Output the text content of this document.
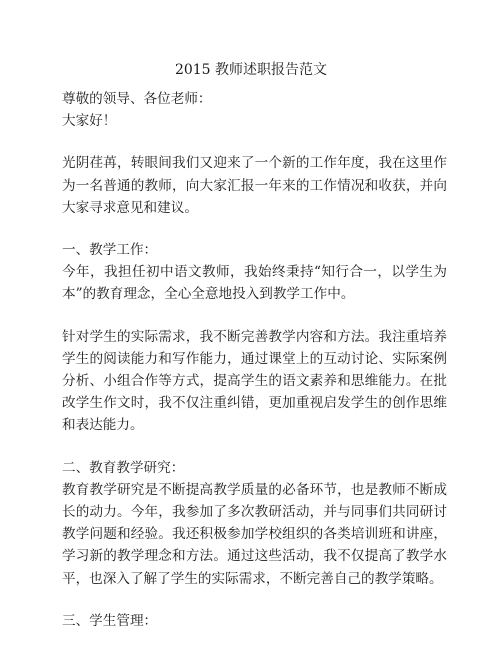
2015 教师述职报告范文

尊敬的领导、各位老师：

大家好！

光阴荏苒，转眼间我们又迎来了一个新的工作年度，我在这里作为一名普通的教师，向大家汇报一年来的工作情况和收获，并向大家寻求意见和建议。

一、教学工作：

今年，我担任初中语文教师，我始终秉持“知行合一，以学生为本”的教育理念，全心全意地投入到教学工作中。

针对学生的实际需求，我不断完善教学内容和方法。我注重培养学生的阅读能力和写作能力，通过课堂上的互动讨论、实际案例分析、小组合作等方式，提高学生的语文素养和思维能力。在批改学生作文时，我不仅注重纠错，更加重视启发学生的创作思维和表达能力。

二、教育教学研究：

教育教学研究是不断提高教学质量的必备环节，也是教师不断成长的动力。今年，我参加了多次教研活动，并与同事们共同研讨教学问题和经验。我还积极参加学校组织的各类培训班和讲座，学习新的教学理念和方法。通过这些活动，我不仅提高了教学水平，也深入了解了学生的实际需求，不断完善自己的教学策略。

三、学生管理：
